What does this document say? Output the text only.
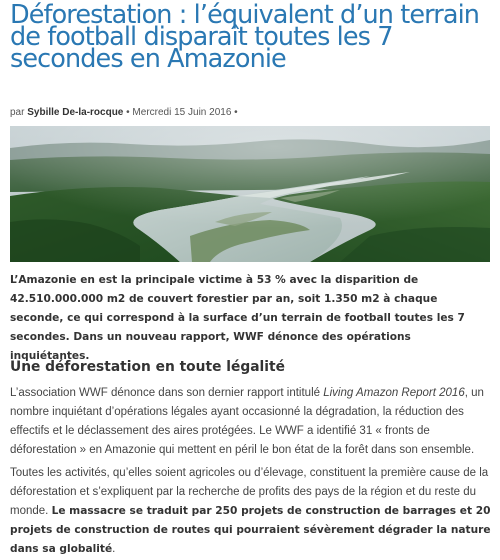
Déforestation : l’équivalent d’un terrain de football disparaît toutes les 7 secondes en Amazonie
par Sybille De-la-rocque • Mercredi 15 Juin 2016 •

L’Amazonie en est la principale victime à 53 % avec la disparition de 42.510.000.000 m2 de couvert forestier par an, soit 1.350 m2 à chaque seconde, ce qui correspond à la surface d’un terrain de football toutes les 7 secondes. Dans un nouveau rapport, WWF dénonce des opérations inquiétantes.

Une déforestation en toute légalité

L’association WWF dénonce dans son dernier rapport intitulé Living Amazon Report 2016, un nombre inquiétant d’opérations légales ayant occasionné la dégradation, la réduction des effectifs et le déclassement des aires protégées. Le WWF a identifié 31 « fronts de déforestation » en Amazonie qui mettent en péril le bon état de la forêt dans son ensemble.

Toutes les activités, qu’elles soient agricoles ou d’élevage, constituent la première cause de la déforestation et s’expliquent par la recherche de profits des pays de la région et du reste du monde. Le massacre se traduit par 250 projets de construction de barrages et 20 projets de construction de routes qui pourraient sévèrement dégrader la nature dans sa globalité.
